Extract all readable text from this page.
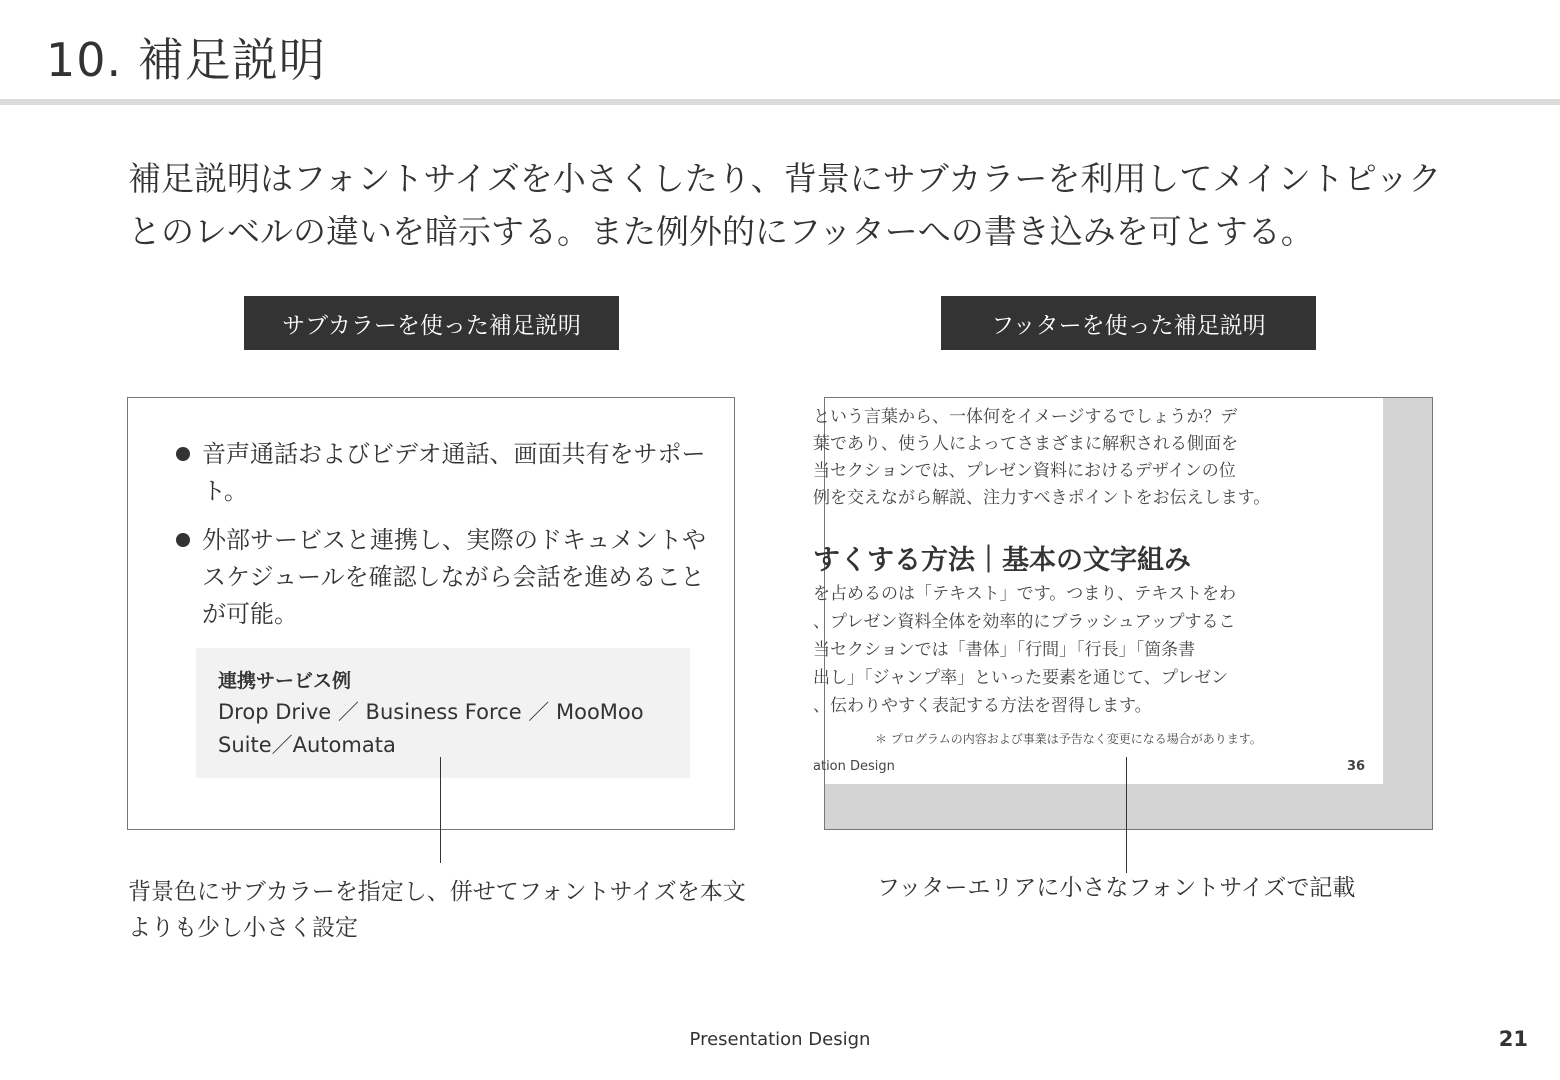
10. 補足説明

補足説明はフォントサイズを小さくしたり、背景にサブカラーを利用してメイントピックとのレベルの違いを暗示する。また例外的にフッターへの書き込みを可とする。

サブカラーを使った補足説明	フッターを使った補足説明
音声通話およびビデオ通話、画面共有をサポート。
外部サービスと連携し、実際のドキュメントやスケジュールを確認しながら会話を進めることが可能。
連携サービス例
Drop Drive ／ Business Force ／ MooMoo Suite／Automata
という言葉から、一体何をイメージするでしょうか？デ
葉であり、使う人によってさまざまに解釈される側面を
当セクションでは、プレゼン資料におけるデザインの位
例を交えながら解説、注力すべきポイントをお伝えします。
すくする方法｜基本の文字組み
を占めるのは「テキスト」です。つまり、テキストをわ
、プレゼン資料全体を効率的にブラッシュアップするこ
当セクションでは「書体」「行間」「行長」「箇条書
出し」「ジャンプ率」といった要素を通じて、プレゼン
、伝わりやすく表記する方法を習得します。
＊ プログラムの内容および事業は予告なく変更になる場合があります。
ation Design	36

背景色にサブカラーを指定し、併せてフォントサイズを本文よりも少し小さく設定

フッターエリアに小さなフォントサイズで記載

Presentation Design	21
